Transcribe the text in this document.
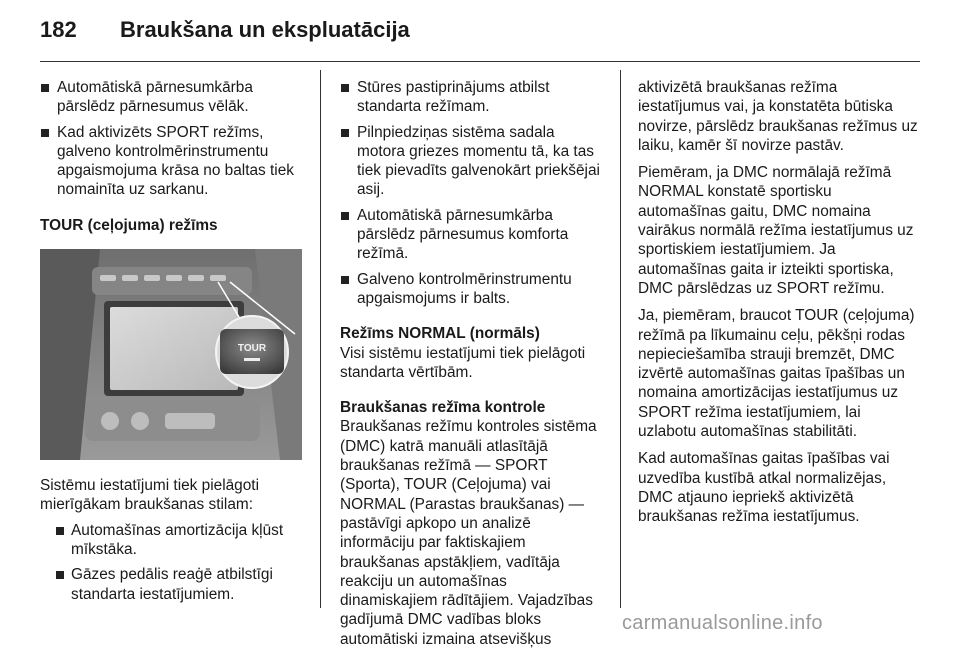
182	Braukšana un ekspluatācija
Automātiskā pārnesumkārba pārslēdz pārnesumus vēlāk.
Kad aktivizēts SPORT režīms, galveno kontrolmērinstrumentu apgaismojuma krāsa no baltas tiek nomainīta uz sarkanu.
TOUR (ceļojuma) režīms
TOUR

Sistēmu iestatījumi tiek pielāgoti mierīgākam braukšanas stilam:

Automašīnas amortizācija kļūst mīkstāka.
Gāzes pedālis reaģē atbilstīgi standarta iestatījumiem.
Stūres pastiprinājums atbilst standarta režīmam.
Pilnpiedziņas sistēma sadala motora griezes momentu tā, ka tas tiek pievadīts galvenokārt priekšējai asij.
Automātiskā pārnesumkārba pārslēdz pārnesumus komforta režīmā.
Galveno kontrolmērinstrumentu apgaismojums ir balts.
Režīms NORMAL (normāls)

Visi sistēmu iestatījumi tiek pielāgoti standarta vērtībām.

Braukšanas režīma kontrole

Braukšanas režīmu kontroles sistēma (DMC) katrā manuāli atlasītājā braukšanas režīmā — SPORT (Sporta), TOUR (Ceļojuma) vai NORMAL (Parastas braukšanas) — pastāvīgi apkopo un analizē informāciju par faktiskajiem braukšanas apstākļiem, vadītāja reakciju un automašīnas dinamiskajiem rādītājiem. Vajadzības gadījumā DMC vadības bloks automātiski izmaina atsevišķus

aktivizētā braukšanas režīma iestatījumus vai, ja konstatēta būtiska novirze, pārslēdz braukšanas režīmus uz laiku, kamēr šī novirze pastāv.

Piemēram, ja DMC normālajā režīmā NORMAL konstatē sportisku automašīnas gaitu, DMC nomaina vairākus normālā režīma iestatījumus uz sportiskiem iestatījumiem. Ja automašīnas gaita ir izteikti sportiska, DMC pārslēdzas uz SPORT režīmu.

Ja, piemēram, braucot TOUR (ceļojuma) režīmā pa līkumainu ceļu, pēkšņi rodas nepieciešamība strauji bremzēt, DMC izvērtē automašīnas gaitas īpašības un nomaina amortizācijas iestatījumus uz SPORT režīma iestatījumiem, lai uzlabotu automašīnas stabilitāti.

Kad automašīnas gaitas īpašības vai uzvedība kustībā atkal normalizējas, DMC atjauno iepriekš aktivizētā braukšanas režīma iestatījumus.

carmanualsonline.info
